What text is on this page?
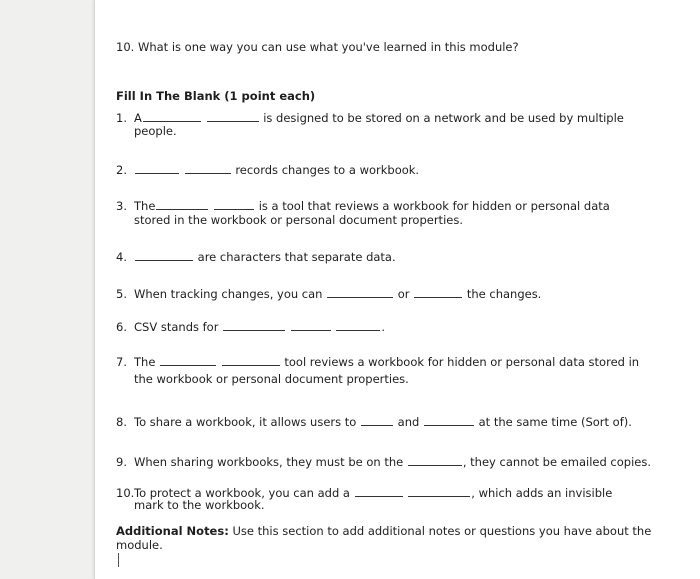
10. What is one way you can use what you've learned in this module?
Fill In The Blank (1 point each)
1. A	is designed to be stored on a network and be used by multiple
people.
2.	records changes to a workbook.
3. The	is a tool that reviews a workbook for hidden or personal data
stored in the workbook or personal document properties.
4.	are characters that separate data.
5. When tracking changes, you can	or	the changes.
6. CSV stands for	.
7. The	tool reviews a workbook for hidden or personal data stored in
the workbook or personal document properties.
8. To share a workbook, it allows users to	and	at the same time (Sort of).
9. When sharing workbooks, they must be on the	, they cannot be emailed copies.
10.To protect a workbook, you can add a	, which adds an invisible
mark to the workbook.
Additional Notes: Use this section to add additional notes or questions you have about the
module.
